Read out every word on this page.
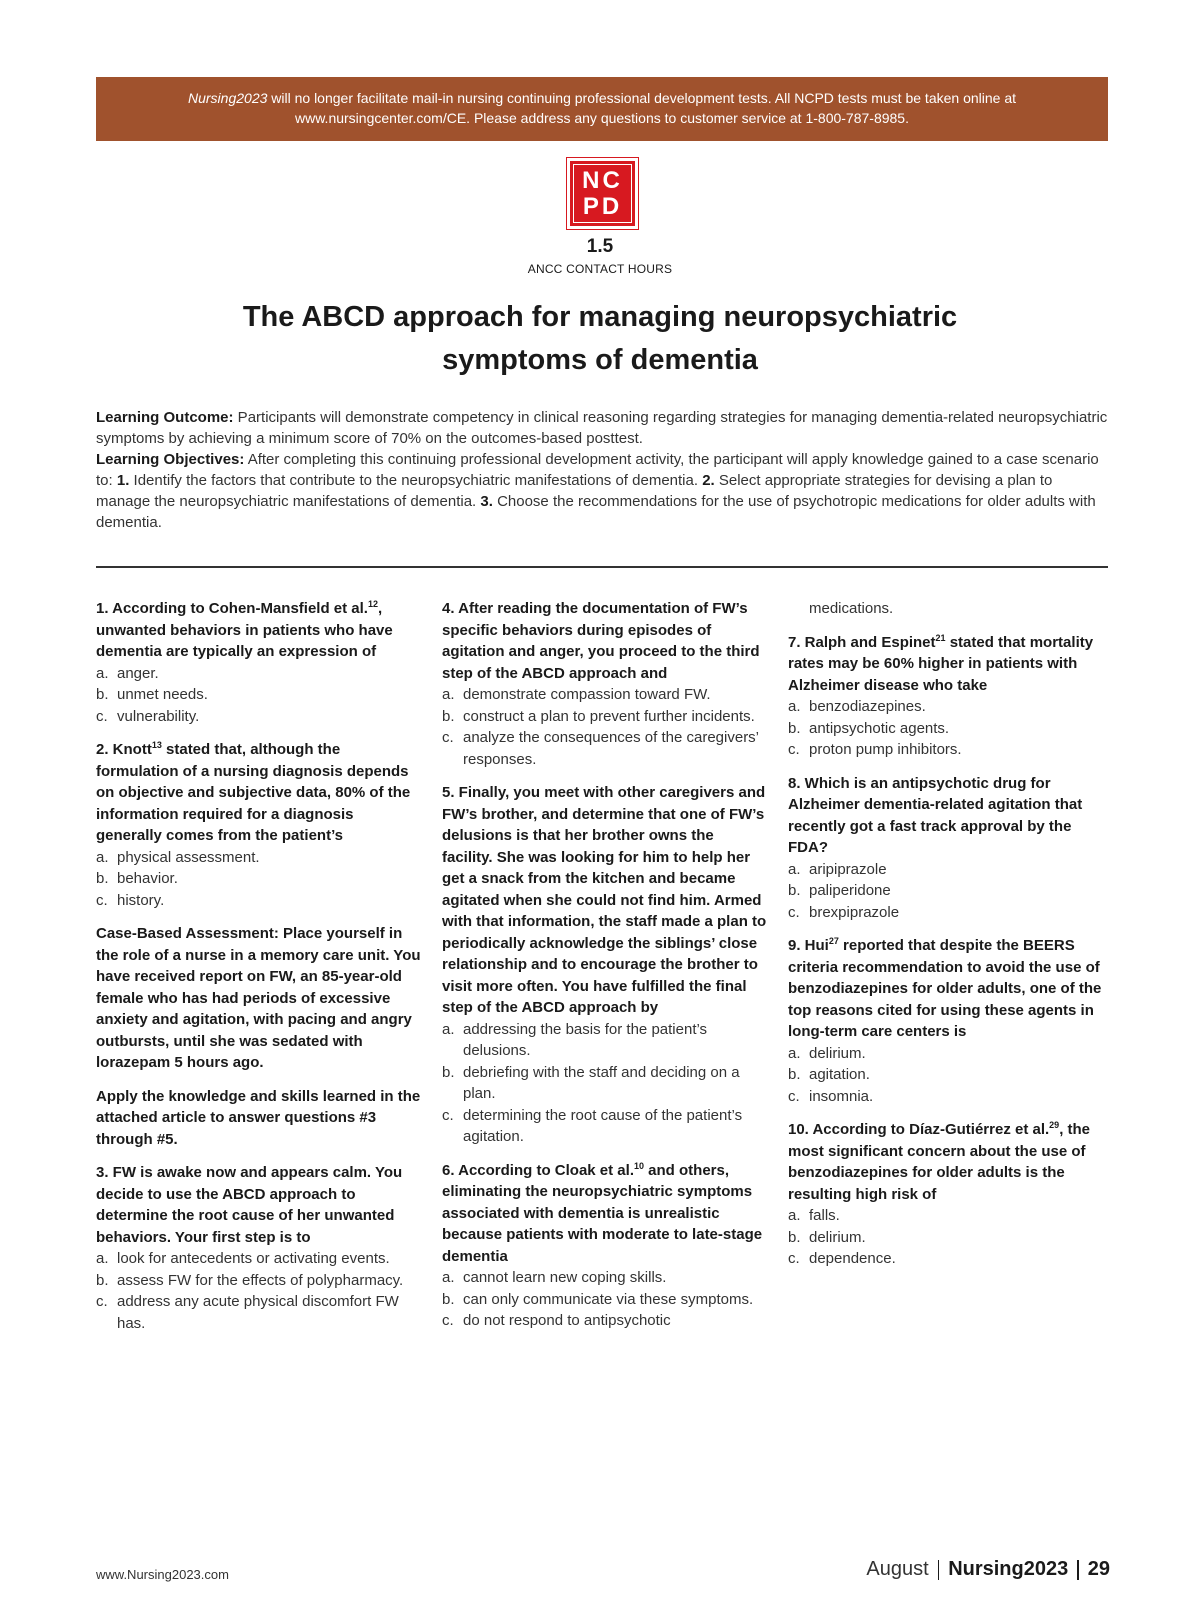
Nursing2023 will no longer facilitate mail-in nursing continuing professional development tests. All NCPD tests must be taken online at
www.nursingcenter.com/CE. Please address any questions to customer service at 1-800-787-8985.
NC
PD
1.5
ANCC CONTACT HOURS
The ABCD approach for managing neuropsychiatric
symptoms of dementia
Learning Outcome: Participants will demonstrate competency in clinical reasoning regarding strategies for managing dementia-related neuropsychiatric symptoms by achieving a minimum score of 70% on the outcomes-based posttest.
Learning Objectives: After completing this continuing professional development activity, the participant will apply knowledge gained to a case scenario to: 1. Identify the factors that contribute to the neuropsychiatric manifestations of dementia. 2. Select appropriate strategies for devising a plan to manage the neuropsychiatric manifestations of dementia. 3. Choose the recommendations for the use of psychotropic medications for older adults with dementia.
1. According to Cohen-Mansfield et al.$^{12}$, unwanted behaviors in patients who have dementia are typically an expression of
a. anger.
b. unmet needs.
c. vulnerability.
2. Knott$^{13}$ stated that, although the formulation of a nursing diagnosis depends on objective and subjective data, 80% of the information required for a diagnosis generally comes from the patient’s
a. physical assessment.
b. behavior.
c. history.
Case-Based Assessment: Place yourself in the role of a nurse in a memory care unit. You have received report on FW, an 85-year-old female who has had periods of excessive anxiety and agitation, with pacing and angry outbursts, until she was sedated with lorazepam 5 hours ago.
Apply the knowledge and skills learned in the attached article to answer questions #3 through #5.
3. FW is awake now and appears calm. You decide to use the ABCD approach to determine the root cause of her unwanted behaviors. Your first step is to
a. look for antecedents or activating events.
b. assess FW for the effects of polypharmacy.
c. address any acute physical discomfort FW has.
4. After reading the documentation of FW’s specific behaviors during episodes of agitation and anger, you proceed to the third step of the ABCD approach and
a. demonstrate compassion toward FW.
b. construct a plan to prevent further incidents.
c. analyze the consequences of the caregivers’ responses.
5. Finally, you meet with other caregivers and FW’s brother, and determine that one of FW’s delusions is that her brother owns the facility. She was looking for him to help her get a snack from the kitchen and became agitated when she could not find him. Armed with that information, the staff made a plan to periodically acknowledge the siblings’ close relationship and to encourage the brother to visit more often. You have fulfilled the final step of the ABCD approach by
a. addressing the basis for the patient’s delusions.
b. debriefing with the staff and deciding on a plan.
c. determining the root cause of the patient’s agitation.
6. According to Cloak et al.$^{10}$ and others, eliminating the neuropsychiatric symptoms associated with dementia is unrealistic because patients with moderate to late-stage dementia
a. cannot learn new coping skills.
b. can only communicate via these symptoms.
c. do not respond to antipsychotic
medications.
7. Ralph and Espinet$^{21}$ stated that mortality rates may be 60% higher in patients with Alzheimer disease who take
a. benzodiazepines.
b. antipsychotic agents.
c. proton pump inhibitors.
8. Which is an antipsychotic drug for Alzheimer dementia-related agitation that recently got a fast track approval by the FDA?
a. aripiprazole
b. paliperidone
c. brexpiprazole
9. Hui$^{27}$ reported that despite the BEERS criteria recommendation to avoid the use of benzodiazepines for older adults, one of the top reasons cited for using these agents in long-term care centers is
a. delirium.
b. agitation.
c. insomnia.
10. According to Díaz-Gutiérrez et al.$^{29}$, the most significant concern about the use of benzodiazepines for older adults is the resulting high risk of
a. falls.
b. delirium.
c. dependence.
www.Nursing2023.com	August Nursing2023 29
